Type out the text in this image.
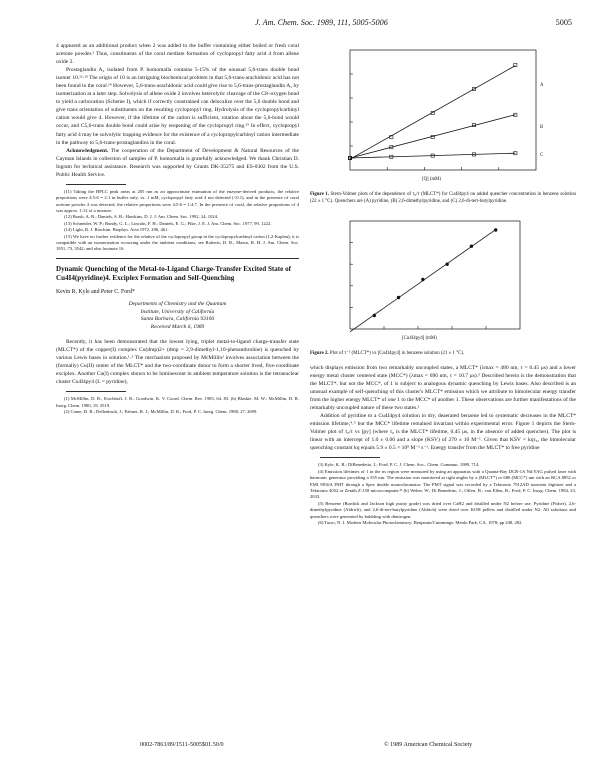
J. Am. Chem. Soc. 1989, 111, 5005-5006	5005

4 appeared as an additional product when 2 was added to the buffer containing either boiled or fresh coral acetone powder.¹ Thus, constituents of the coral mediate formation of cyclopropyl fatty acid 4 from allene oxide 2.

Prostaglandin A₂ isolated from P. homomalla contains 5-15% of the unusual 5,6-trans double bond isomer 10.¹²·¹³ The origin of 10 is an intriguing biochemical problem in that 5,6-trans-arachidonic acid has not been found in the coral.¹⁴ However, 5,6-trans-arachidonic acid could give rise to 5,6-trans-prostaglandin A₂ by isomerization at a later step. Solvolysis of allene oxide 2 involves heterolytic cleavage of the C8–oxygen bond to yield a carbocation (Scheme I), which if correctly constrained can delocalize over the 5,6 double bond and give trans orientation of substituents on the resulting cyclopropyl ring. Hydrolysis of the cyclopropylcarbinyl cation would give 4. However, if the lifetime of the cation is sufficient, rotation about the 5,6-bond would occur, and C5,6-trans double bond could arise by reopening of the cyclopropyl ring.¹⁵ In effect, cyclopropyl fatty acid 4 may be solvolytic trapping evidence for the existence of a cyclopropylcarbinyl cation intermediate in the pathway to 5,6-trans-prostaglandins in the coral.

Acknowledgment. The cooperation of the Department of Development & Natural Resources of the Cayman Islands in collection of samples of P. homomalla is gratefully acknowledged. We thank Christian D. Ingram for technical assistance. Research was supported by Grants DK-35275 and ES-0302 from the U.S. Public Health Service.

(11) Taking the HPLC peak areas at 205 nm as an approximate estimation of the enzyme-derived products, the relative proportions were 4:5:6 = 2:1 in buffer only, vs. 1 mM, cyclopropyl fatty acid 4 not detected (<0.1), and in the presence of coral acetone powder 4 was detected; the relative proportions were 4:5:6 = 1:4:7. In the presence of coral, the relative proportions of 4 was approx. 1:12 of a mixture.

(12) Brash, A. R.; Daniels, S. R.; Hawkins, D. J. J. Am. Chem. Soc. 1992, 24, 1024.

(13) Schneider, W. P.; Bundy, G. L.; Lincoln, F. H.; Daniels, E. G.; Pike, J. E. J. Am. Chem. Soc. 1977, 99, 1222.

(14) Light, R. J. Biochim. Biophys. Acta 1972, 296, 461.

(15) We have no further evidence for the relative of the cyclopropyl group in the cyclopropylcarbinyl cation (1,2-Kaplan); it is compatible with an isomerization occurring under the ambient conditions, see Roberts, D. R.; Mazur, R. H. J. Am. Chem. Soc. 1951, 73, 3542; and also footnote 16.

Dynamic Quenching of the Metal-to-Ligand Charge-Transfer Excited State of Cu4I4(pyridine)4. Exciplex Formation and Self-Quenching

Kevin R. Kyle and Peter C. Ford*

Departments of Chemistry and the Quantum
Institute, University of California
Santa Barbara, California 93106
Received March 6, 1989

Recently, it has been demonstrated that the lowest lying, triplet metal-to-ligand charge-transfer state (MLCT*) of the copper(I) complex Cu(dmp)2+ (dmp = 2,9-dimethyl-1,10-phenanthroline) is quenched by various Lewis bases in solution.¹˒² The mechanism proposed by McMillin² involves association between the (formally) Cu(II) center of the MLCT* and the two-coordinate donor to form a shorter lived, five-coordinate exciplex. Another Cu(I) complex shown to be luminescent in ambient temperature solution is the tetranuclear cluster Cu4I4py4 (L = pyridine),

(1) McMillin, D. R.; Kirchhoff, J. R.; Goodwin, K. V. Coord. Chem. Rev. 1985, 64, 83. (b) Blaskie, M. W.; McMillin, D. R. Inorg. Chem. 1980, 19, 3519.

(2) Crane, D. R.; Dellenbach, J.; Palmer, B. J.; McMillin, D. R.; Ford, P. C. Inorg. Chem. 1988, 27, 2699.

A
B
C
[Q] (mM)

Figure 1. Stern-Volmer plots of the dependence of τ₀/τ (MLCT*) for Cu4I4py4 on added quencher concentration in benzene solution (22 ± 1 °C). Quenchers are (A) pyridine, (B) 2,6-dimethylpyridine, and (C) 2,6-di-tert-butylpyridine.

[Cu4I4py4] (mM)

Figure 2. Plot of τ⁻¹ (MLCT*) vs [Cu4I4py4] in benzene solution (21 ± 1 °C).

which displays emission from two remarkably uncoupled states, a MLCT* (λmax = 480 nm, τ = 0.45 μs) and a lower energy metal cluster centered state (MCC*) (λmax = 690 nm, τ = 10.7 μs).³ Described herein is the demonstration that the MLCT*, but not the MCC*, of 1 is subject to analogous dynamic quenching by Lewis bases. Also described is an unusual example of self-quenching of this cluster's MLCT* emission which we attribute to bimolecular energy transfer from the higher energy MLCT* of one 1 to the MCC* of another 1. These observations are further manifestations of the remarkably uncoupled nature of these two states.³

Addition of pyridine to a Cu4I4py4 solution in dry, deaerated benzene led to systematic decreases in the MLCT* emission lifetime,⁴˒⁵ but the MCC* lifetime remained invariant within experimental error. Figure 1 depicts the Stern-Volmer plot of τ₀/τ vs [py] (where τ₀ is the MLCT* lifetime, 0.45 μs, in the absence of added quencher). The plot is linear with an intercept of 1.0 ± 0.06 and a slope (KSV) of 270 ± 10 M⁻¹. Given that KSV = kqτ₀, the bimolecular quenching constant kq equals 5.9 ± 0.5 × 10⁸ M⁻¹ s⁻¹. Energy transfer from the MLCT* to free pyridine

(3) Kyle, K. R.; DiBenedetto, J.; Ford, P. C. J. Chem. Soc., Chem. Commun. 1989, 714.

(4) Emission lifetimes of 1 in the ns region were measured by using an apparatus with a Quanta-Ray DCR-1A Nd:YAG pulsed laser with harmonic generator providing a 355 nm. The emission was monitored at right angles by a (MLCT*) or 680 (MCC*) nm with an RCA 8852 or EMI 9816A PMT through a Spex double monochromator. The PMT signal was recorded by a Tektronix 7912AD transient digitizer and a Tektronix 4052 or Zenith Z-158 microcomputer.²¹ (b) Weber, W.; Di Benedetto, J.; Offen, H.; von Ellen, B.; Ford, P. C. Inorg. Chem. 1984, 23, 2033.

(5) Benzene (Burdick and Jackson high purity grade) was dried over CaH2 and distilled under N2 before use. Pyridine (Fisher), 2,6-dimethylpyridine (Aldrich), and 2,6-di-tert-butylpyridine (Aldrich) were dried over KOH pellets and distilled under N2. All solutions and quenchers were generated by bubbling with dinitrogen.

(6) Turro, N. J. Modern Molecular Photochemistry; Benjamin/Cummings: Menlo Park, CA, 1978; pp 248, 282.

0002-7863/89/1511-5005$01.50/0	© 1989 American Chemical Society
